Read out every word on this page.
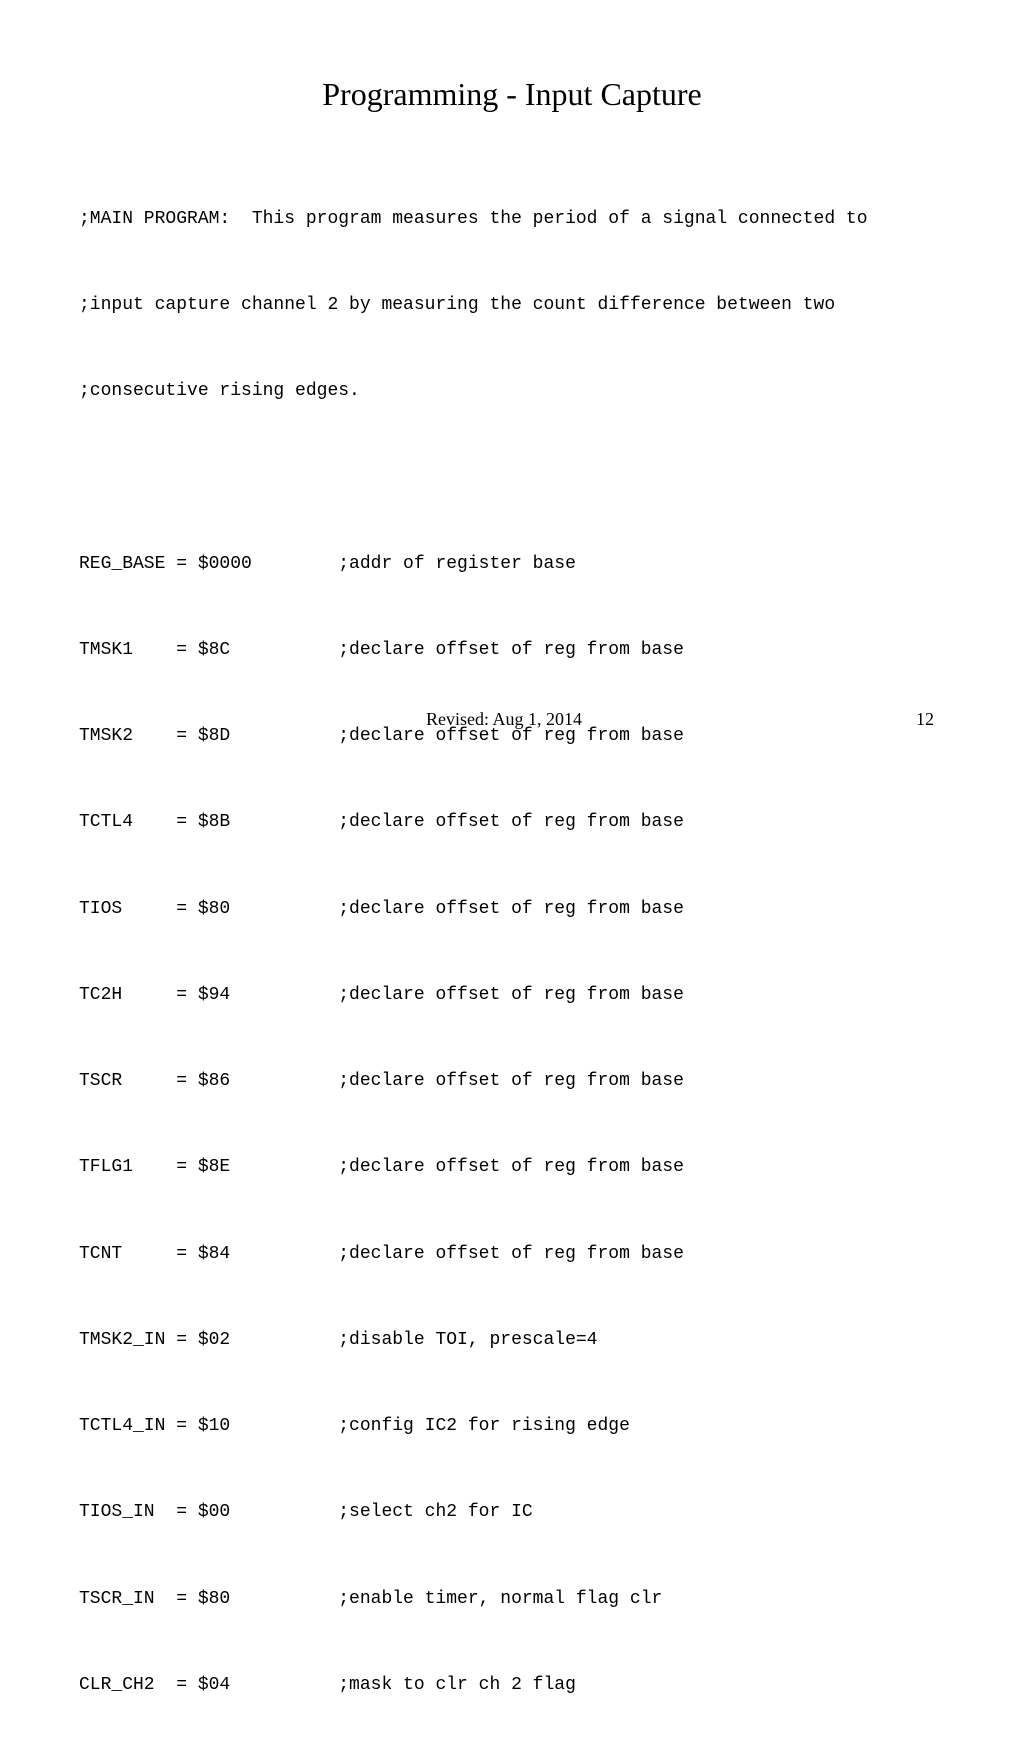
Programming - Input Capture

;MAIN PROGRAM:  This program measures the period of a signal connected to

;input capture channel 2 by measuring the count difference between two

;consecutive rising edges.

REG_BASE = $0000        ;addr of register base

TMSK1    = $8C          ;declare offset of reg from base

TMSK2    = $8D          ;declare offset of reg from base

TCTL4    = $8B          ;declare offset of reg from base

TIOS     = $80          ;declare offset of reg from base

TC2H     = $94          ;declare offset of reg from base

TSCR     = $86          ;declare offset of reg from base

TFLG1    = $8E          ;declare offset of reg from base

TCNT     = $84          ;declare offset of reg from base

TMSK2_IN = $02          ;disable TOI, prescale=4

TCTL4_IN = $10          ;config IC2 for rising edge

TIOS_IN  = $00          ;select ch2 for IC

TSCR_IN  = $80          ;enable timer, normal flag clr

CLR_CH2  = $04          ;mask to clr ch 2 flag

Revised: Aug 1, 2014	12
